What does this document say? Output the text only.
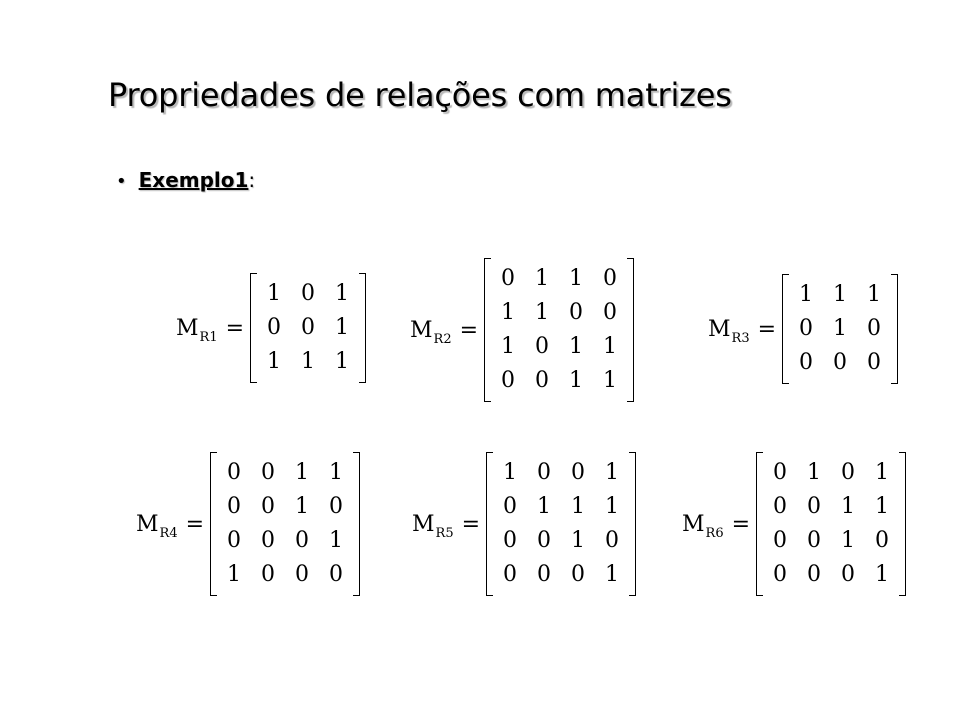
Propriedades de relações com matrizes
• Exemplo1:
$M_{R1}$ =
1 0 1
0 0 1
1 1 1
$M_{R2}$ =
0 1 1 0
1 1 0 0
1 0 1 1
0 0 1 1
$M_{R3}$ =
1 1 1
0 1 0
0 0 0
$M_{R4}$ =
0 0 1 1
0 0 1 0
0 0 0 1
1 0 0 0
$M_{R5}$ =
1 0 0 1
0 1 1 1
0 0 1 0
0 0 0 1
$M_{R6}$ =
0 1 0 1
0 0 1 1
0 0 1 0
0 0 0 1
